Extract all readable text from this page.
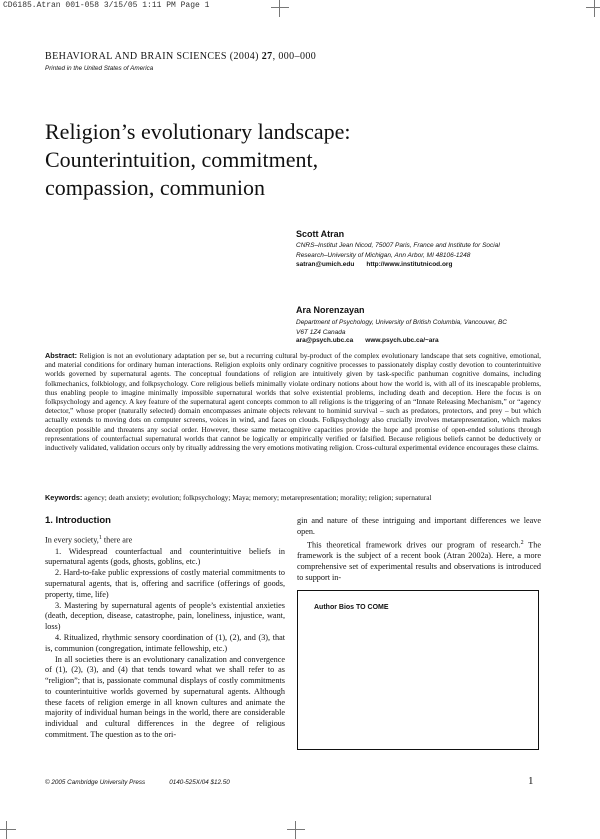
CD6185.Atran 001-058 3/15/05 1:11 PM Page 1
BEHAVIORAL AND BRAIN SCIENCES (2004) 27, 000–000
Printed in the United States of America
Religion’s evolutionary landscape:
Counterintuition, commitment,
compassion, communion
Scott Atran
CNRS–Institut Jean Nicod, 75007 Paris, France and Institute for Social
Research–University of Michigan, Ann Arbor, MI 48106-1248
satran@umich.edu http://www.institutnicod.org
Ara Norenzayan
Department of Psychology, University of British Columbia, Vancouver, BC
V6T 1Z4 Canada
ara@psych.ubc.ca www.psych.ubc.ca/~ara
Abstract: Religion is not an evolutionary adaptation per se, but a recurring cultural by-product of the complex evolutionary landscape that sets cognitive, emotional, and material conditions for ordinary human interactions. Religion exploits only ordinary cognitive processes to passionately display costly devotion to counterintuitive worlds governed by supernatural agents. The conceptual foundations of religion are intuitively given by task-specific panhuman cognitive domains, including folkmechanics, folkbiology, and folkpsychology. Core religious beliefs minimally violate ordinary notions about how the world is, with all of its inescapable problems, thus enabling people to imagine minimally impossible supernatural worlds that solve existential problems, including death and deception. Here the focus is on folkpsychology and agency. A key feature of the supernatural agent concepts common to all religions is the triggering of an “Innate Releasing Mechanism,” or “agency detector,” whose proper (naturally selected) domain encompasses animate objects relevant to hominid survival – such as predators, protectors, and prey – but which actually extends to moving dots on computer screens, voices in wind, and faces on clouds. Folkpsychology also crucially involves metarepresentation, which makes deception possible and threatens any social order. However, these same metacognitive capacities provide the hope and promise of open-ended solutions through representations of counterfactual supernatural worlds that cannot be logically or empirically verified or falsified. Because religious beliefs cannot be deductively or inductively validated, validation occurs only by ritually addressing the very emotions motivating religion. Cross-cultural experimental evidence encourages these claims.
Keywords: agency; death anxiety; evolution; folkpsychology; Maya; memory; metarepresentation; morality; religion; supernatural
1. Introduction

In every society,$^1$ there are

1. Widespread counterfactual and counterintuitive beliefs in supernatural agents (gods, ghosts, goblins, etc.)

2. Hard-to-fake public expressions of costly material commitments to supernatural agents, that is, offering and sacrifice (offerings of goods, property, time, life)

3. Mastering by supernatural agents of people’s existential anxieties (death, deception, disease, catastrophe, pain, loneliness, injustice, want, loss)

4. Ritualized, rhythmic sensory coordination of (1), (2), and (3), that is, communion (congregation, intimate fellowship, etc.)

In all societies there is an evolutionary canalization and convergence of (1), (2), (3), and (4) that tends toward what we shall refer to as “religion”; that is, passionate communal displays of costly commitments to counterintuitive worlds governed by supernatural agents. Although these facets of religion emerge in all known cultures and animate the majority of individual human beings in the world, there are considerable individual and cultural differences in the degree of religious commitment. The question as to the ori-

gin and nature of these intriguing and important differences we leave open.

This theoretical framework drives our program of research.$^2$ The framework is the subject of a recent book (Atran 2002a). Here, a more comprehensive set of experimental results and observations is introduced to support in-

Author Bios TO COME
© 2005 Cambridge University Press	0140-525X/04 $12.50	1
